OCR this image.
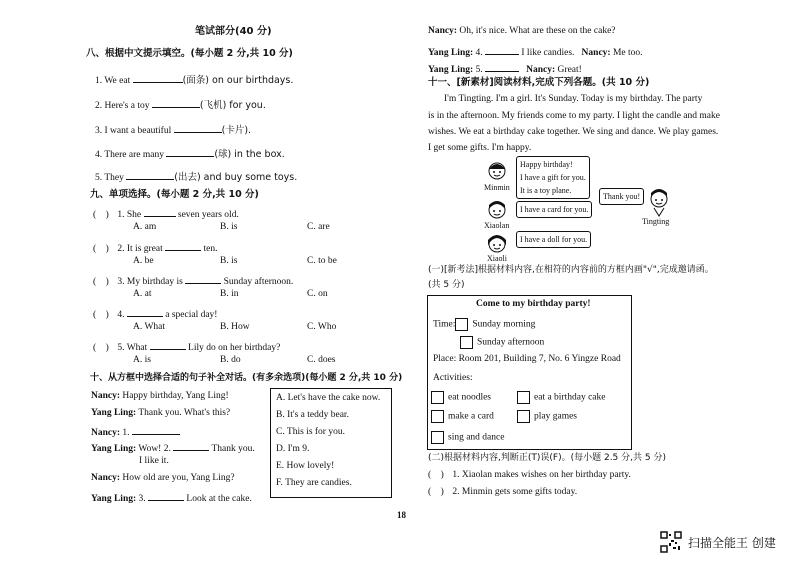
笔试部分(40 分)
八、根据中文提示填空。(每小题 2 分,共 10 分)
1. We eat	(面条) on our birthdays.
2. Here's a toy	(飞机) for you.
3. I want a beautiful	(卡片).
4. There are many	(球) in the box.
5. They	(出去) and buy some toys.
九、单项选择。(每小题 2 分,共 10 分)
(    ) 1. She	seven years old.
A. am	B. is	C. are
(    ) 2. It is great	ten.
A. be	B. is	C. to be
(    ) 3. My birthday is	Sunday afternoon.
A. at	B. in	C. on
(    ) 4.	a special day!
A. What	B. How	C. Who
(    ) 5. What	Lily do on her birthday?
A. is	B. do	C. does
十、从方框中选择合适的句子补全对话。(有多余选项)(每小题 2 分,共 10 分)
Nancy: Happy birthday, Yang Ling!
Yang Ling: Thank you. What's this?
Nancy: 1.
Yang Ling: Wow! 2.	Thank you.
I like it.
Nancy: How old are you, Yang Ling?
Yang Ling: 3.	Look at the cake.
A. Let's have the cake now.
B. It's a teddy bear.
C. This is for you.
D. I'm 9.
E. How lovely!
F. They are candies.
Nancy: Oh, it's nice. What are these on the cake?
Yang Ling: 4.	I like candies. Nancy: Me too.
Yang Ling: 5.	Nancy: Great!
十一、[新素材]阅读材料,完成下列各题。(共 10 分)
I'm Tingting. I'm a girl. It's Sunday. Today is my birthday. The party
is in the afternoon. My friends come to my party. I light the candle and make
wishes. We eat a birthday cake together. We sing and dance. We play games.
I get some gifts. I'm happy.
Minmin
Happy birthday!
I have a gift for you.
It is a toy plane.
Xiaolan
I have a card for you.
Xiaoli
I have a doll for you.
Thank you!
Tingting
(一)[新考法]根据材料内容,在相符的内容前的方框内画"√",完成邀请函。
(共 5 分)
Come to my birthday party!
Time: Sunday morning
Sunday afternoon
Place: Room 201, Building 7, No. 6 Yingze Road
Activities:
eat noodles	eat a birthday cake
make a card	play games
sing and dance
(二)根据材料内容,判断正(T)误(F)。(每小题 2.5 分,共 5 分)
(    ) 1. Xiaolan makes wishes on her birthday party.
(    ) 2. Minmin gets some gifts today.
18
扫描全能王 创建
